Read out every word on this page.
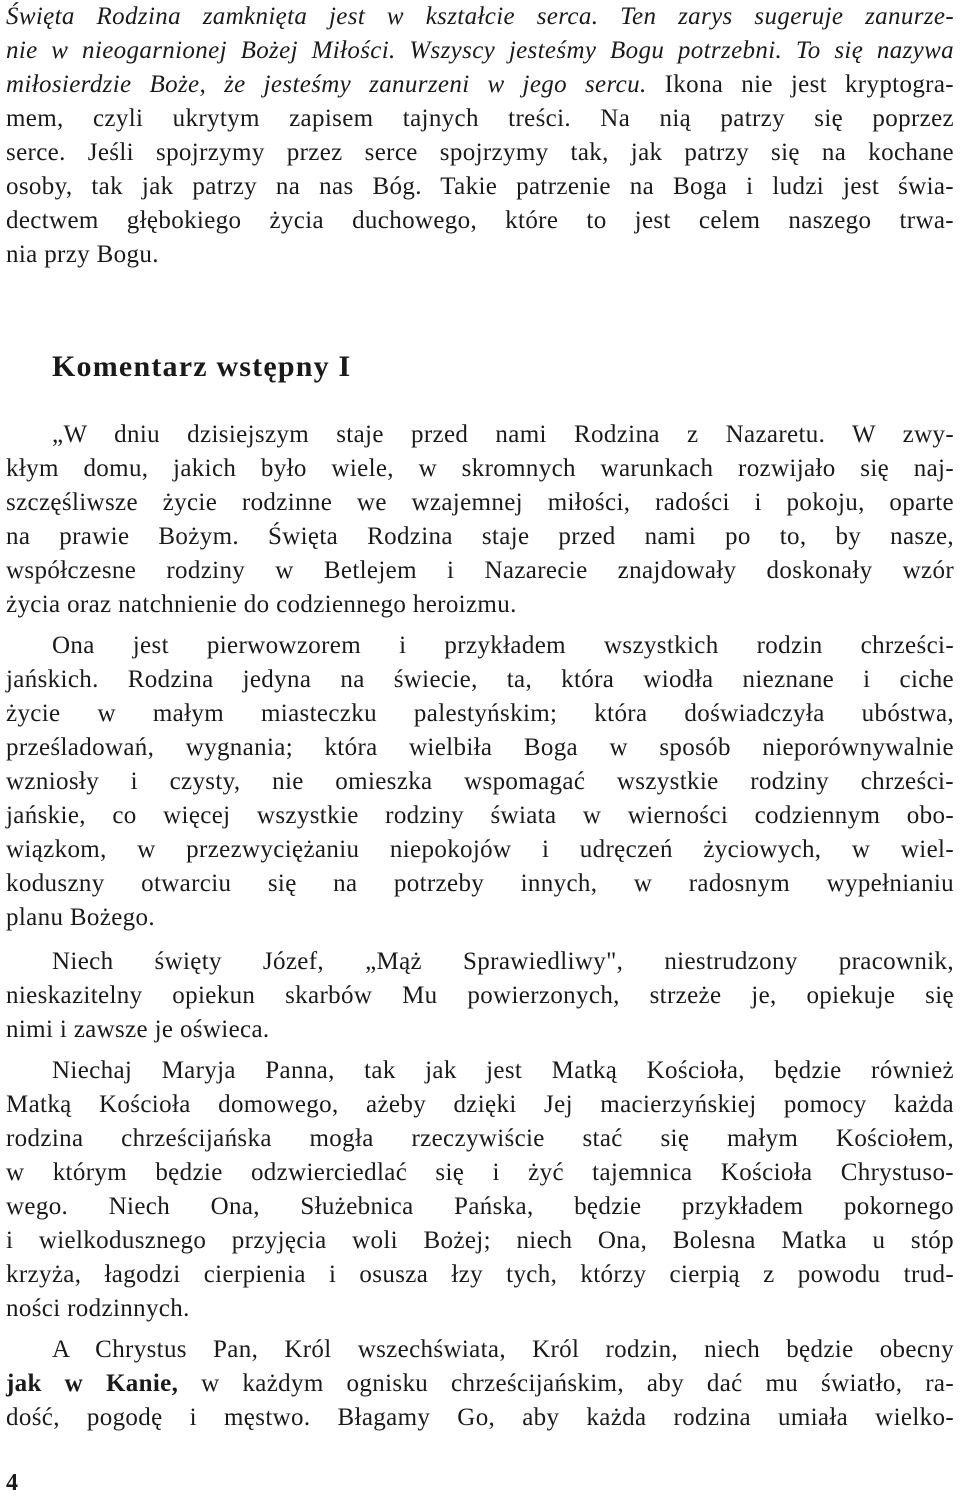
Święta Rodzina zamknięta jest w kształcie serca. Ten zarys sugeruje zanurze-
nie w nieogarnionej Bożej Miłości. Wszyscy jesteśmy Bogu potrzebni. To się nazywa
miłosierdzie Boże, że jesteśmy zanurzeni w jego sercu. Ikona nie jest kryptogra-
mem, czyli ukrytym zapisem tajnych treści. Na nią patrzy się poprzez
serce. Jeśli spojrzymy przez serce spojrzymy tak, jak patrzy się na kochane
osoby, tak jak patrzy na nas Bóg. Takie patrzenie na Boga i ludzi jest świa-
dectwem głębokiego życia duchowego, które to jest celem naszego trwa-
nia przy Bogu.
Komentarz wstępny I
„W dniu dzisiejszym staje przed nami Rodzina z Nazaretu. W zwy-
kłym domu, jakich było wiele, w skromnych warunkach rozwijało się naj-
szczęśliwsze życie rodzinne we wzajemnej miłości, radości i pokoju, oparte
na prawie Bożym. Święta Rodzina staje przed nami po to, by nasze,
współczesne rodziny w Betlejem i Nazarecie znajdowały doskonały wzór
życia oraz natchnienie do codziennego heroizmu.
Ona jest pierwowzorem i przykładem wszystkich rodzin chrześci-
jańskich. Rodzina jedyna na świecie, ta, która wiodła nieznane i ciche
życie w małym miasteczku palestyńskim; która doświadczyła ubóstwa,
prześladowań, wygnania; która wielbiła Boga w sposób nieporównywalnie
wzniosły i czysty, nie omieszka wspomagać wszystkie rodziny chrześci-
jańskie, co więcej wszystkie rodziny świata w wierności codziennym obo-
wiązkom, w przezwyciężaniu niepokojów i udręczeń życiowych, w wiel-
koduszny otwarciu się na potrzeby innych, w radosnym wypełnianiu
planu Bożego.
Niech święty Józef, „Mąż Sprawiedliwy", niestrudzony pracownik,
nieskazitelny opiekun skarbów Mu powierzonych, strzeże je, opiekuje się
nimi i zawsze je oświeca.
Niechaj Maryja Panna, tak jak jest Matką Kościoła, będzie również
Matką Kościoła domowego, ażeby dzięki Jej macierzyńskiej pomocy każda
rodzina chrześcijańska mogła rzeczywiście stać się małym Kościołem,
w którym będzie odzwierciedlać się i żyć tajemnica Kościoła Chrystuso-
wego. Niech Ona, Służebnica Pańska, będzie przykładem pokornego
i wielkodusznego przyjęcia woli Bożej; niech Ona, Bolesna Matka u stóp
krzyża, łagodzi cierpienia i osusza łzy tych, którzy cierpią z powodu trud-
ności rodzinnych.
A Chrystus Pan, Król wszechświata, Król rodzin, niech będzie obecny
jak w Kanie, w każdym ognisku chrześcijańskim, aby dać mu światło, ra-
dość, pogodę i męstwo. Błagamy Go, aby każda rodzina umiała wielko-
4
